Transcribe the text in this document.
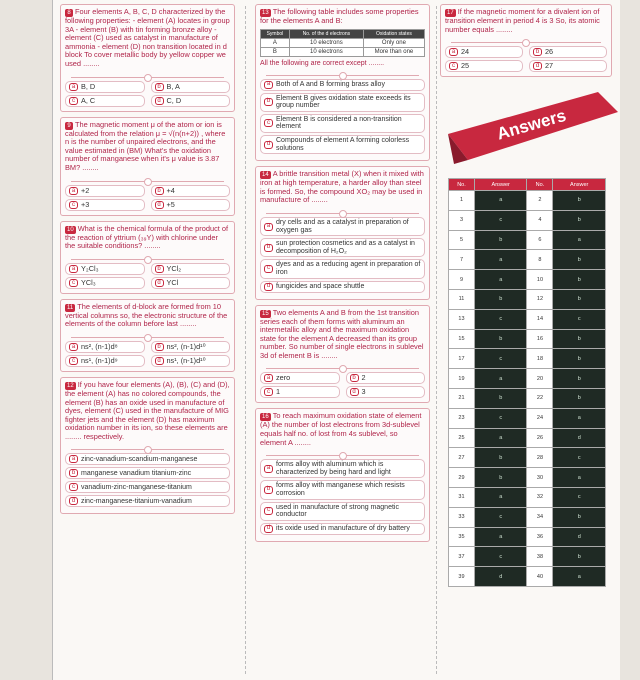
8 Four elements A, B, C, D characterized by the following properties: - element (A) locates in group 3A - element (B) with tin forming bronze alloy - element (C) used as catalyst in manufacture of ammonia - element (D) non transition located in d block To cover metallic body by yellow copper we used ........
a B, D	b B, A
c A, C	d C, D
9 The magnetic moment μ of the atom or ion is calculated from the relation μ = √(n(n+2)) , where n is the number of unpaired electrons, and the value estimated in (BM) What's the oxidation number of manganese when it's μ value is 3.87 BM? ........
a +2	b +4
c +3	d +5
10 What is the chemical formula of the product of the reaction of yttrium (₃₉Y) with chlorine under the suitable conditions? ........
a Y₂Cl₃	b YCl₂
c YCl₃	d YCl
11 The elements of d-block are formed from 10 vertical columns so, the electronic structure of the elements of the column before last ........
a ns², (n-1)d⁸	b ns², (n-1)d¹⁰
c ns¹, (n-1)d⁹	d ns¹, (n-1)d¹⁰
12 If you have four elements (A), (B), (C) and (D), the element (A) has no colored compounds, the element (B) has an oxide used in manufacture of dyes, element (C) used in the manufacture of MIG fighter jets and the element (D) has maximum oxidation number in its ion, so these elements are ........ respectively.
a zinc-vanadium-scandium-manganese
b manganese vanadium titanium-zinc
c vanadium-zinc-manganese-titanium
d zinc-manganese-titanium-vanadium
13 The following table includes some properties for the elements A and B:
Symbol	No. of the d electrons	Oxidation states
A	10 electrons	Only one
B	10 electrons	More than one
All the following are correct except ........
a Both of A and B forming brass alloy
b Element B gives oxidation state exceeds its group number
c Element B is considered a non-transition element
d Compounds of element A forming colorless solutions
14 A brittle transition metal (X) when it mixed with iron at high temperature, a harder alloy than steel is formed. So, the compound XO₂ may be used in manufacture of ........
a dry cells and as a catalyst in preparation of oxygen gas
b sun protection cosmetics and as a catalyst in decomposition of H₂O₂
c dyes and as a reducing agent in preparation of iron
d fungicides and space shuttle
15 Two elements A and B from the 1st transition series each of them forms with aluminum an intermetallic alloy and the maximum oxidation state for the element A decreased than its group number. So number of single electrons in sublevel 3d of element B is ........
a zero	b 2
c 1	d 3
16 To reach maximum oxidation state of element (A) the number of lost electrons from 3d-sublevel equals half no. of lost from 4s sublevel, so element A ........
a forms alloy with aluminum which is characterized by being hard and light
b forms alloy with manganese which resists corrosion
c used in manufacture of strong magnetic conductor
d its oxide used in manufacture of dry battery
17 If the magnetic moment for a divalent ion of transition element in period 4 is 3 So, its atomic number equals ........
a 24	b 26
c 25	d 27
Answers
No.	Answer	No.	Answer
1	a	2	b
3	c	4	b
5	b	6	a
7	a	8	b
9	a	10	b
11	b	12	b
13	c	14	c
15	b	16	b
17	c	18	b
19	a	20	b
21	b	22	b
23	c	24	a
25	a	26	d
27	b	28	c
29	b	30	a
31	a	32	c
33	c	34	b
35	a	36	d
37	c	38	b
39	d	40	a
